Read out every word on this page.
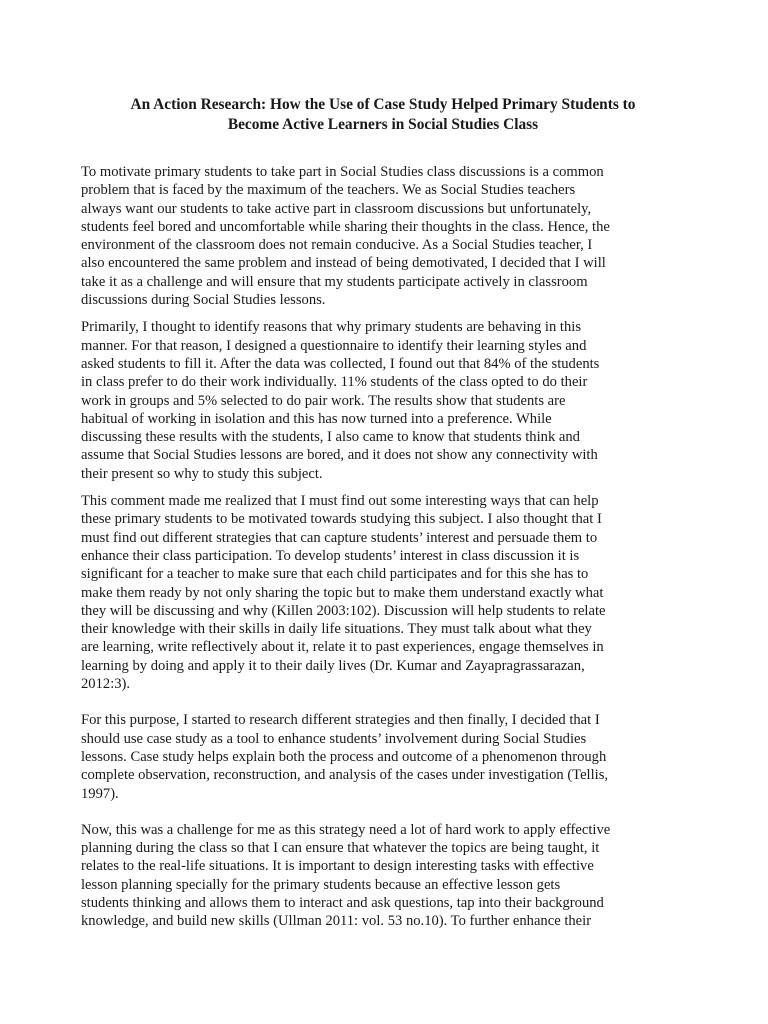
An Action Research: How the Use of Case Study Helped Primary Students to
Become Active Learners in Social Studies Class

To motivate primary students to take part in Social Studies class discussions is a common
problem that is faced by the maximum of the teachers. We as Social Studies teachers
always want our students to take active part in classroom discussions but unfortunately,
students feel bored and uncomfortable while sharing their thoughts in the class. Hence, the
environment of the classroom does not remain conducive. As a Social Studies teacher, I
also encountered the same problem and instead of being demotivated, I decided that I will
take it as a challenge and will ensure that my students participate actively in classroom
discussions during Social Studies lessons.

Primarily, I thought to identify reasons that why primary students are behaving in this
manner. For that reason, I designed a questionnaire to identify their learning styles and
asked students to fill it. After the data was collected, I found out that 84% of the students
in class prefer to do their work individually. 11% students of the class opted to do their
work in groups and 5% selected to do pair work. The results show that students are
habitual of working in isolation and this has now turned into a preference. While
discussing these results with the students, I also came to know that students think and
assume that Social Studies lessons are bored, and it does not show any connectivity with
their present so why to study this subject.

This comment made me realized that I must find out some interesting ways that can help
these primary students to be motivated towards studying this subject. I also thought that I
must find out different strategies that can capture students’ interest and persuade them to
enhance their class participation. To develop students’ interest in class discussion it is
significant for a teacher to make sure that each child participates and for this she has to
make them ready by not only sharing the topic but to make them understand exactly what
they will be discussing and why (Killen 2003:102). Discussion will help students to relate
their knowledge with their skills in daily life situations. They must talk about what they
are learning, write reflectively about it, relate it to past experiences, engage themselves in
learning by doing and apply it to their daily lives (Dr. Kumar and Zayapragrassarazan,
2012:3).

For this purpose, I started to research different strategies and then finally, I decided that I
should use case study as a tool to enhance students’ involvement during Social Studies
lessons. Case study helps explain both the process and outcome of a phenomenon through
complete observation, reconstruction, and analysis of the cases under investigation (Tellis,
1997).

Now, this was a challenge for me as this strategy need a lot of hard work to apply effective
planning during the class so that I can ensure that whatever the topics are being taught, it
relates to the real-life situations. It is important to design interesting tasks with effective
lesson planning specially for the primary students because an effective lesson gets
students thinking and allows them to interact and ask questions, tap into their background
knowledge, and build new skills (Ullman 2011: vol. 53 no.10). To further enhance their
